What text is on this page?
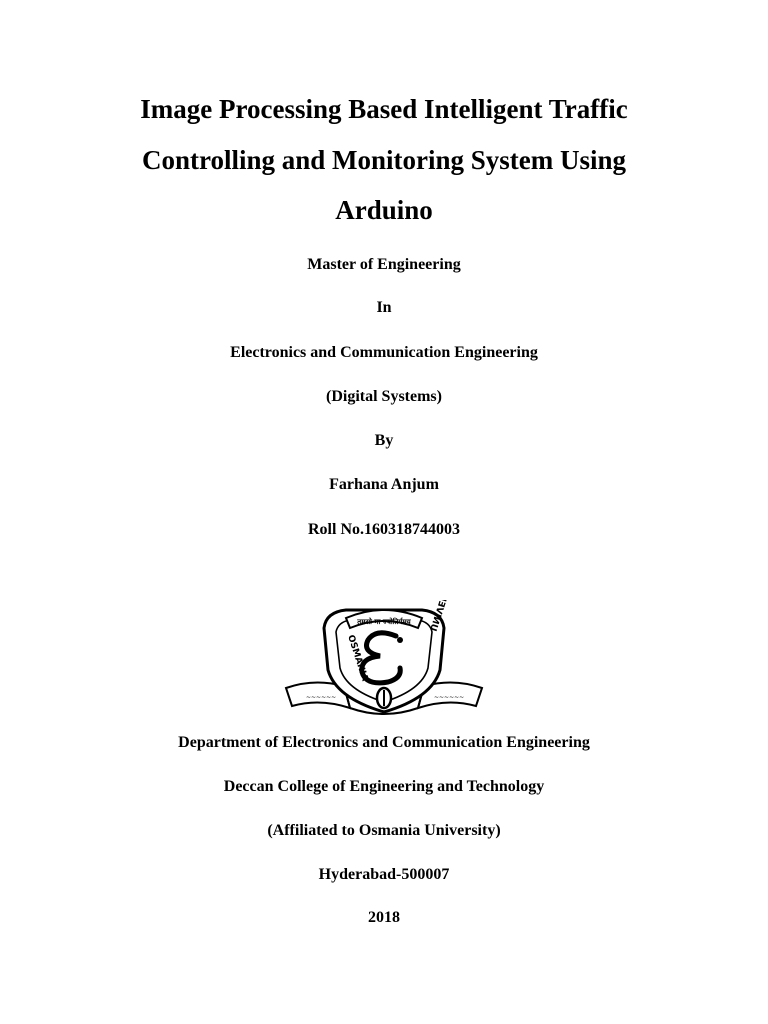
Image Processing Based Intelligent Traffic
Controlling and Monitoring System Using
Arduino
Master of Engineering
In
Electronics and Communication Engineering
(Digital Systems)
By
Farhana Anjum
Roll No.160318744003
~~~~~~	~~~~~~
तमसो मा ज्योतिर्गमय
OSMANIA
UNIVERSITY
Department of Electronics and Communication Engineering
Deccan College of Engineering and Technology
(Affiliated to Osmania University)
Hyderabad-500007
2018
